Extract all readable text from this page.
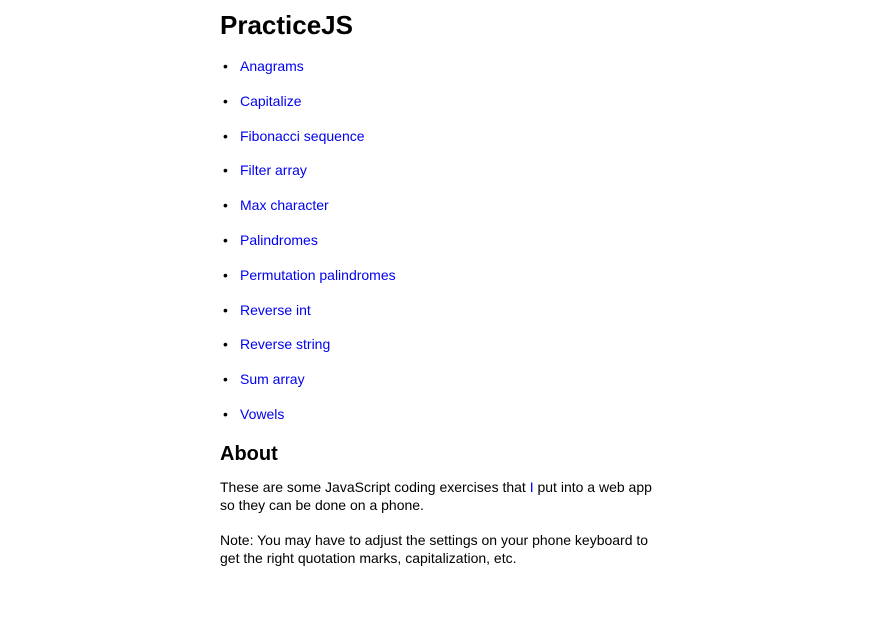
PracticeJS
• Anagrams
• Capitalize
• Fibonacci sequence
• Filter array
• Max character
• Palindromes
• Permutation palindromes
• Reverse int
• Reverse string
• Sum array
• Vowels
About

These are some JavaScript coding exercises that I put into a web app so they can be done on a phone.

Note: You may have to adjust the settings on your phone keyboard to get the right quotation marks, capitalization, etc.
